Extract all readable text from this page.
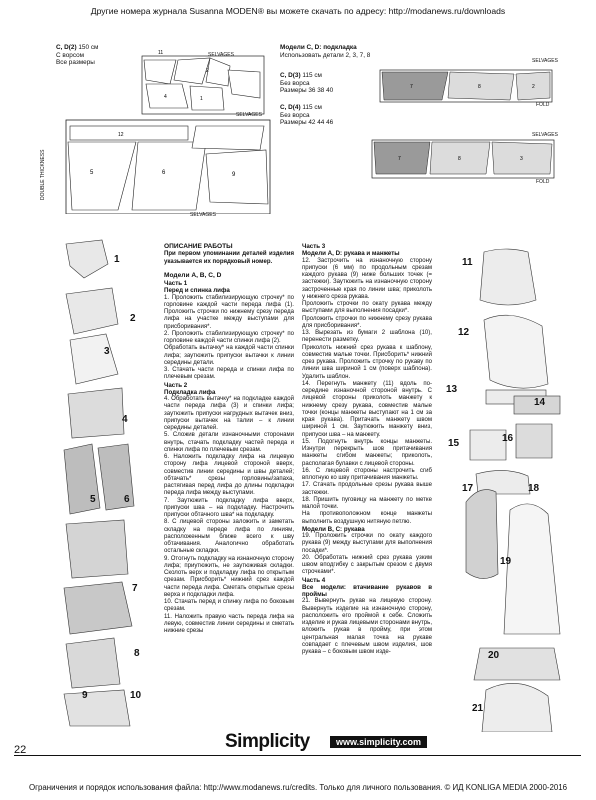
Другие номера журнала Susanna MODEN® вы можете скачать по адресу: http://modanews.ru/downloads
C, D(2) 150 см
С ворсом
Все размеры
Модели C, D: подкладка
Использовать детали 2, 3, 7, 8
C, D(3) 115 см
Без ворса
Размеры 36 38 40
C, D(4) 115 см
Без ворса
Размеры 42 44 46
11
2
4	1
SELVAGES
12
5	6	9
SELVAGES
SELVAGES
DOUBLE THICKNESS
7	8	2
SELVAGES
FOLD
7	8	3
SELVAGES
FOLD
1
2
3
4
5	6
7
8
9	10
ОПИСАНИЕ РАБОТЫ

При первом упоминании деталей изделия указывается их порядковый номер.

Модели A, B, C, D
Часть 1
Перед и спинка лифа

1. Проложить стабилизирующую строчку* по горловине каждой части переда лифа (1). Проложить строчки по нижнему срезу переда лифа на участке между выступами для присборивания*.

2. Проложить стабилизирующую строчку* по горловине каждой части спинки лифа (2).

Обработать вытачку* на каждой части спинки лифа; заутюжить припуски вытачки к линии середины детали.

3. Стачать части переда и спинки лифа по плечевым срезам.

Часть 2
Подкладка лифа

4. Обработать вытачку* на подкладке каждой части переда лифа (3) и спинки лифа; заутюжить припуски нагрудных вытачек вниз, припуски вытачек на талии – к линии середины деталей.

5. Сложив детали изнаночными сторонами внутрь, стачать подкладку частей переда и спинки лифа по плечевым срезам.

6. Наложить подкладку лифа на лицевую сторону лифа лицевой стороной вверх, совместив линии середины и швы деталей; обтачать* срезы горловины/запаха, растягивая перед лифа до длины подкладки переда лифа между выступами.

7. Заутюжить подкладку лифа вверх, припуски шва – на подкладку. Настрочить припуски обтачного шва* на подкладку.

8. С лицевой стороны заложить и заметать складку на переде лифа по линиям, расположенным ближе всего к шву обтачивания. Аналогично обработать остальные складки.

9. Отогнуть подкладку на изнаночную сторону лифа; приутюжить, не заутюживая складки. Сколоть верх и подкладку лифа по открытым срезам. Присборить* нижний срез каждой части переда лифа. Сметать открытые срезы верха и подкладки лифа.

10. Стачать перед и спинку лифа по боковым срезам.

11. Наложить правую часть переда лифа на левую, совместив линии середины и сметать нижние срезы

Часть 3
Модели A, D: рукава и манжеты

12. Застрочить на изнаночную сторону припуски (6 мм) по продольным срезам каждого рукава (9) ниже больших точек (= застежки). Заутюжить на изнаночную сторону застроченные края по линии шва; приколоть у нижнего среза рукава.

Проложить строчки по окату рукава между выступами для выполнения посадки*.

Проложить строчки по нижнему срезу рукава для присборивания*.

13. Вырезать из бумаги 2 шаблона (10), перенести разметку.

Приколоть нижний срез рукава к шаблону, совместив малые точки. Присборить* нижний срез рукава. Проложить строчку по рукаву по линии шва шириной 1 см (поверх шаблона). Удалить шаблон.

14. Перегнуть манжету (11) вдоль по-середине изнаночной стороной внутрь. С лицевой стороны приколоть манжету к нижнему срезу рукава, совместив малые точки (концы манжеты выступают на 1 см за края рукава). Притачать манжету швом шириной 1 см. Заутюжить манжету вниз, припуски шва – на манжету.

15. Подогнуть внутрь концы манжеты. Изнутри перекрыть шов притачивания манжеты сгибом манжеты; приколоть, располагая булавки с лицевой стороны.

16. С лицевой стороны настрочить сгиб вплотную ко шву притачивания манжеты.

17. Стачать продольные срезы рукава выше застежки.

18. Пришить пуговицу на манжету по метке малой точки.

На противоположном конце манжеты выполнить воздушную нитяную петлю.

Модели B, C: рукава

19. Проложить строчки по окату каждого рукава (9) между выступами для выполнения посадки*.

20. Обработать нижний срез рукава узким швом вподгибку с закрытым срезом с двумя строчками*.

Часть 4
Все модели: втачивание рукавов в проймы

21. Вывернуть рукав на лицевую сторону. Вывернуть изделие на изнаночную сторону, расположить его проймой к себе. Сложить изделие и рукав лицевыми сторонами внутрь, вложить рукав в пройму, при этом центральная малая точка на рукаве совпадает с плечевым швом изделия, шов рукава – с боковым швом изде-

11
12
13
14
15	16
17	18
19
20
21
22	Simplicity	www.simplicity.com
Ограничения и порядок использования файла: http://www.modanews.ru/credits. Только для личного пользования. © ИД KONLIGA MEDIA 2000-2016
